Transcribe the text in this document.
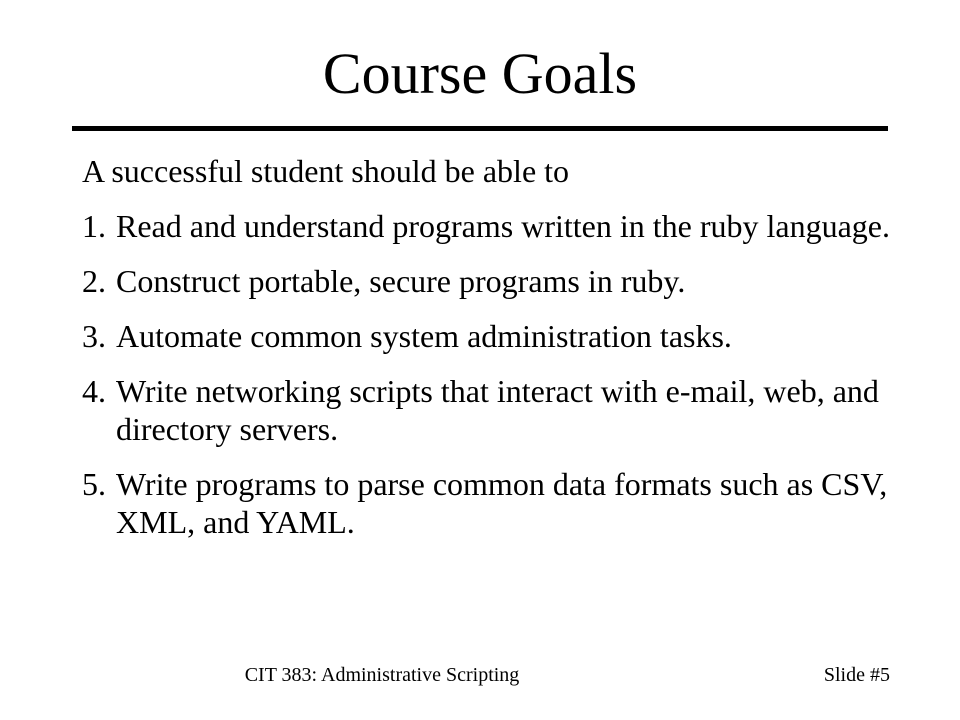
Course Goals
A successful student should be able to
1. Read and understand programs written in the ruby language.
2. Construct portable, secure programs in ruby.
3. Automate common system administration tasks.
4. Write networking scripts that interact with e-mail, web, and directory servers.
5. Write programs to parse common data formats such as CSV, XML, and YAML.
CIT 383: Administrative Scripting	Slide #5
